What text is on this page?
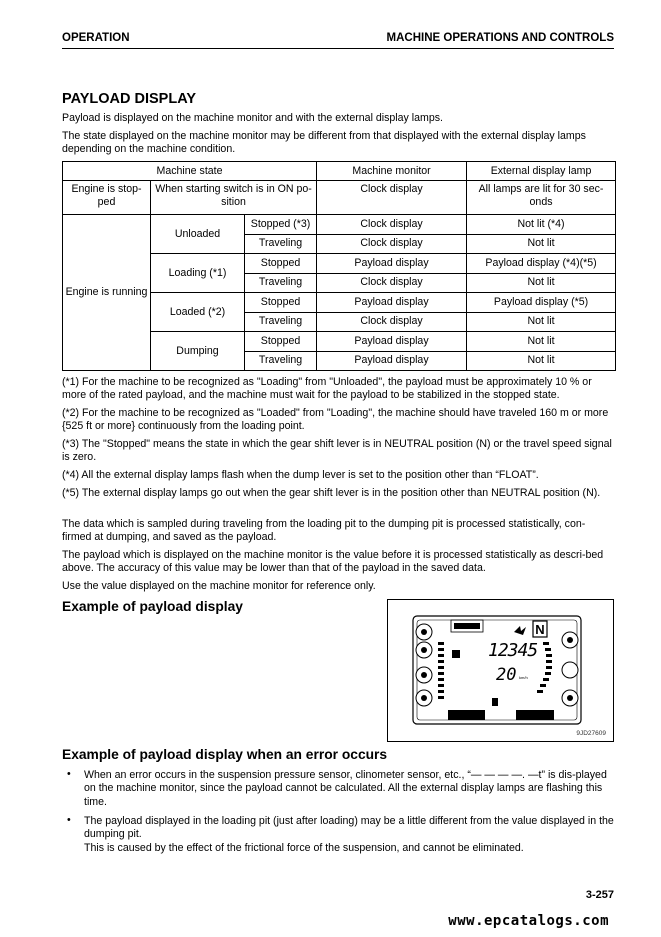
OPERATION	MACHINE OPERATIONS AND CONTROLS
PAYLOAD DISPLAY
Payload is displayed on the machine monitor and with the external display lamps.
The state displayed on the machine monitor may be different from that displayed with the external display lamps depending on the machine condition.
Machine state			Machine monitor	External display lamp
Engine is stop-ped	When starting switch is in ON po-sition		Clock display	All lamps are lit for 30 sec-onds
Engine is running	Unloaded	Stopped (*3)	Clock display	Not lit (*4)
		Traveling	Clock display	Not lit
	Loading (*1)	Stopped	Payload display	Payload display (*4)(*5)
		Traveling	Clock display	Not lit
	Loaded (*2)	Stopped	Payload display	Payload display (*5)
		Traveling	Clock display	Not lit
	Dumping	Stopped	Payload display	Not lit
		Traveling	Payload display	Not lit
(*1) For the machine to be recognized as "Loading" from "Unloaded", the payload must be approximately 10 % or more of the rated payload, and the machine must wait for the payload to be stabilized in the stopped state.
(*2) For the machine to be recognized as "Loaded" from "Loading", the machine should have traveled 160 m or more {525 ft or more} continuously from the loading point.
(*3) The "Stopped" means the state in which the gear shift lever is in NEUTRAL position (N) or the travel speed signal is zero.
(*4) All the external display lamps flash when the dump lever is set to the position other than “FLOAT”.
(*5) The external display lamps go out when the gear shift lever is in the position other than NEUTRAL position (N).
The data which is sampled during traveling from the loading pit to the dumping pit is processed statistically, con-firmed at dumping, and saved as the payload.
The payload which is displayed on the machine monitor is the value before it is processed statistically as descri-bed above. The accuracy of this value may be lower than that of the payload in the saved data.
Use the value displayed on the machine monitor for reference only.
Example of payload display
N
12345
20 km/h
9JD27609
Example of payload display when an error occurs
• When an error occurs in the suspension pressure sensor, clinometer sensor, etc., “— — — —. —t” is dis-played on the machine monitor, since the payload cannot be calculated. All the external display lamps are flashing this time.
• The payload displayed in the loading pit (just after loading) may be a little different from the value displayed in the dumping pit.
This is caused by the effect of the frictional force of the suspension, and cannot be eliminated.
3-257
www.epcatalogs.com
